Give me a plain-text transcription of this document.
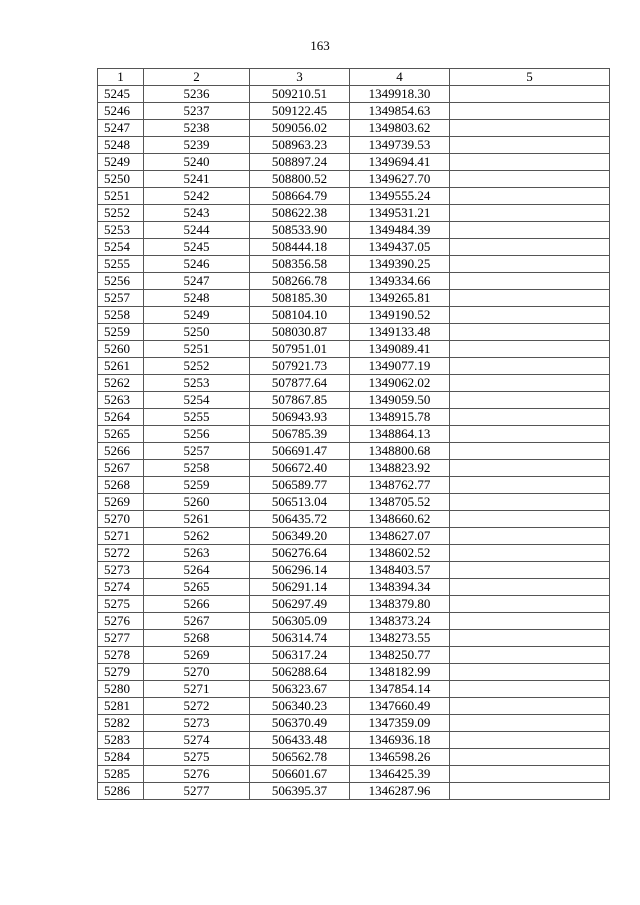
163
1	2	3	4	5
5245	5236	509210.51	1349918.30	
5246	5237	509122.45	1349854.63	
5247	5238	509056.02	1349803.62	
5248	5239	508963.23	1349739.53	
5249	5240	508897.24	1349694.41	
5250	5241	508800.52	1349627.70	
5251	5242	508664.79	1349555.24	
5252	5243	508622.38	1349531.21	
5253	5244	508533.90	1349484.39	
5254	5245	508444.18	1349437.05	
5255	5246	508356.58	1349390.25	
5256	5247	508266.78	1349334.66	
5257	5248	508185.30	1349265.81	
5258	5249	508104.10	1349190.52	
5259	5250	508030.87	1349133.48	
5260	5251	507951.01	1349089.41	
5261	5252	507921.73	1349077.19	
5262	5253	507877.64	1349062.02	
5263	5254	507867.85	1349059.50	
5264	5255	506943.93	1348915.78	
5265	5256	506785.39	1348864.13	
5266	5257	506691.47	1348800.68	
5267	5258	506672.40	1348823.92	
5268	5259	506589.77	1348762.77	
5269	5260	506513.04	1348705.52	
5270	5261	506435.72	1348660.62	
5271	5262	506349.20	1348627.07	
5272	5263	506276.64	1348602.52	
5273	5264	506296.14	1348403.57	
5274	5265	506291.14	1348394.34	
5275	5266	506297.49	1348379.80	
5276	5267	506305.09	1348373.24	
5277	5268	506314.74	1348273.55	
5278	5269	506317.24	1348250.77	
5279	5270	506288.64	1348182.99	
5280	5271	506323.67	1347854.14	
5281	5272	506340.23	1347660.49	
5282	5273	506370.49	1347359.09	
5283	5274	506433.48	1346936.18	
5284	5275	506562.78	1346598.26	
5285	5276	506601.67	1346425.39	
5286	5277	506395.37	1346287.96	
